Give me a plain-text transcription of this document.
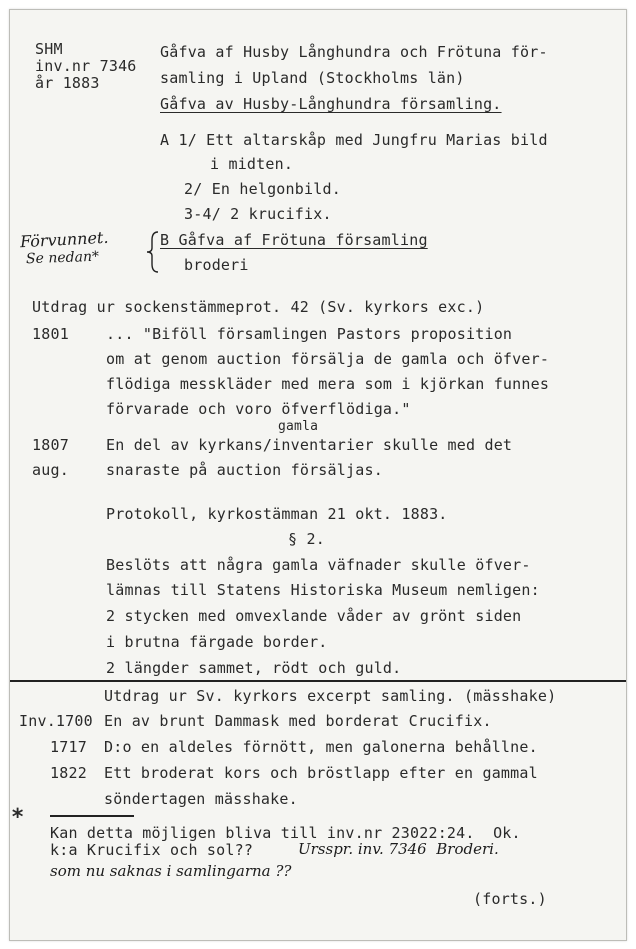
SHM
inv.nr 7346
år 1883
Gåfva af Husby Långhundra och Frötuna för-
samling i Upland (Stockholms län)
Gåfva av Husby-Långhundra församling.
A 1/ Ett altarskåp med Jungfru Marias bild
i midten.
2/ En helgonbild.
3-4/ 2 krucifix.
Förvunnet.
Se nedan*
B Gåfva af Frötuna församling
broderi
Utdrag ur sockenstämmeprot. 42 (Sv. kyrkors exc.)
1801 ... "Biföll församlingen Pastors proposition
om at genom auction försälja de gamla och öfver-
flödiga messkläder med mera som i kjörkan funnes
förvarade och voro öfverflödiga."
gamla
1807
aug.
En del av kyrkans/inventarier skulle med det
snaraste på auction försäljas.
Protokoll, kyrkostämman 21 okt. 1883.
§ 2.
Beslöts att några gamla väfnader skulle öfver-
lämnas till Statens Historiska Museum nemligen:
2 stycken med omvexlande våder av grönt siden
i brutna färgade border.
2 längder sammet, rödt och guld.
Utdrag ur Sv. kyrkors excerpt samling. (mässhake)
Inv.1700 En av brunt Dammask med borderat Crucifix.
1717 D:o en aldeles förnött, men galonerna behållne.
1822 Ett broderat kors och bröstlapp efter en gammal
söndertagen mässhake.
*
Kan detta möjligen bliva till inv.nr 23022:24.  Ok.
k:a Krucifix och sol??	Ursspr. inv. 7346  Broderi.
som nu saknas i samlingarna ??
(forts.)
